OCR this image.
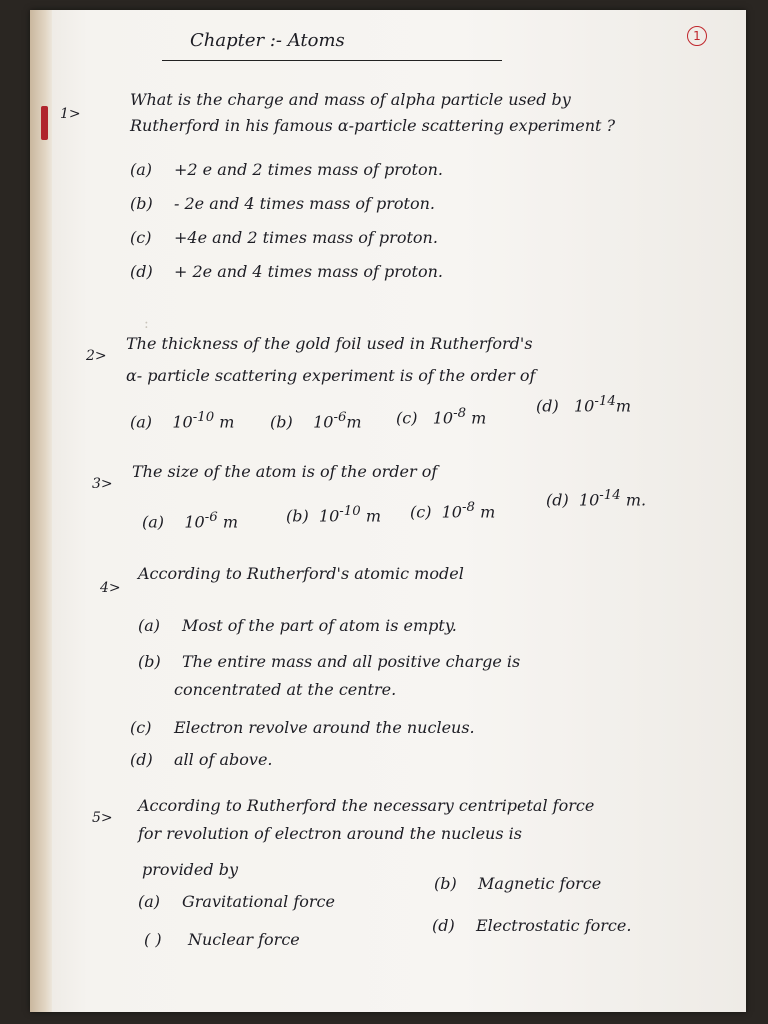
Chapter :- Atoms	1
1>
What is the charge and mass of alpha particle used by
Rutherford in his famous α-particle scattering experiment ?
(a) +2 e and 2 times mass of proton.
(b) - 2e and 4 times mass of proton.
(c) +4e and 2 times mass of proton.
(d) + 2e and 4 times mass of proton.
:
2>
The thickness of the gold foil used in Rutherford's
α- particle scattering experiment is of the order of
(a) $10^{-10}$ m (b) $10^{-6}m$ (c) $10^{-8}$ m
(d) $10^{-14}m$
3>
The size of the atom is of the order of
(a) $10^{-6}$ m	(b) $10^{-10}$ m (c) $10^{-8}$ m
(d) $10^{-14}$ m.
4>
According to Rutherford's atomic model
(a) Most of the part of atom is empty.
(b) The entire mass and all positive charge is
concentrated at the centre.
(c) Electron revolve around the nucleus.
(d) all of above.
5>
According to Rutherford the necessary centripetal force
for revolution of electron around the nucleus is
provided by
(a) Gravitational force
(b) Magnetic force
( ) Nuclear force
(d) Electrostatic force.
